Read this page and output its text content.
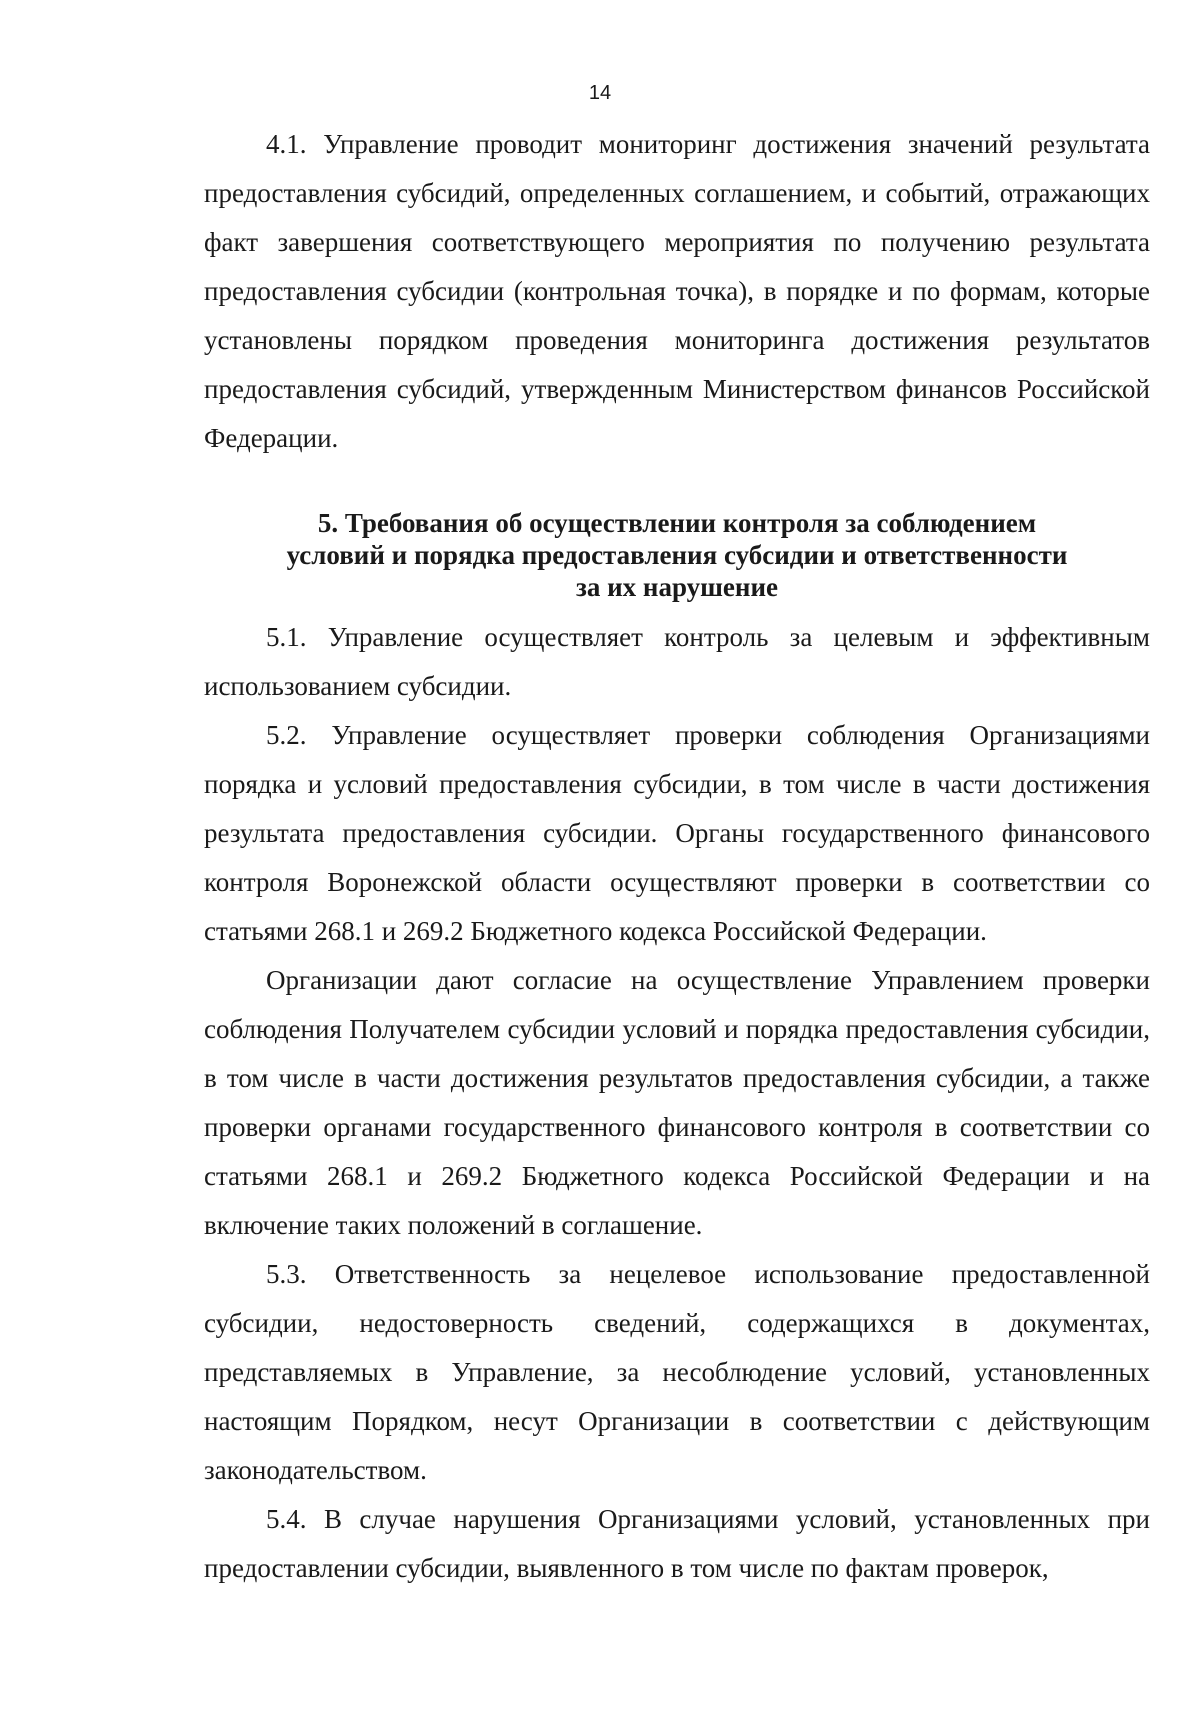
14

4.1. Управление проводит мониторинг достижения значений результата предоставления субсидий, определенных соглашением, и событий, отражающих факт завершения соответствующего мероприятия по получению результата предоставления субсидии (контрольная точка), в порядке и по формам, которые установлены порядком проведения мониторинга достижения результатов предоставления субсидий, утвержденным Министерством финансов Российской Федерации.

5. Требования об осуществлении контроля за соблюдением
условий и порядка предоставления субсидии и ответственности
за их нарушение

5.1. Управление осуществляет контроль за целевым и эффективным использованием субсидии.

5.2. Управление осуществляет проверки соблюдения Организациями порядка и условий предоставления субсидии, в том числе в части достижения результата предоставления субсидии. Органы государственного финансового контроля Воронежской области осуществляют проверки в соответствии со статьями 268.1 и 269.2 Бюджетного кодекса Российской Федерации.

Организации дают согласие на осуществление Управлением проверки соблюдения Получателем субсидии условий и порядка предоставления субсидии, в том числе в части достижения результатов предоставления субсидии, а также проверки органами государственного финансового контроля в соответствии со статьями 268.1 и 269.2 Бюджетного кодекса Российской Федерации и на включение таких положений в соглашение.

5.3. Ответственность за нецелевое использование предоставленной субсидии, недостоверность сведений, содержащихся в документах, представляемых в Управление, за несоблюдение условий, установленных настоящим Порядком, несут Организации в соответствии с действующим законодательством.

5.4. В случае нарушения Организациями условий, установленных при предоставлении субсидии, выявленного в том числе по фактам проверок,
